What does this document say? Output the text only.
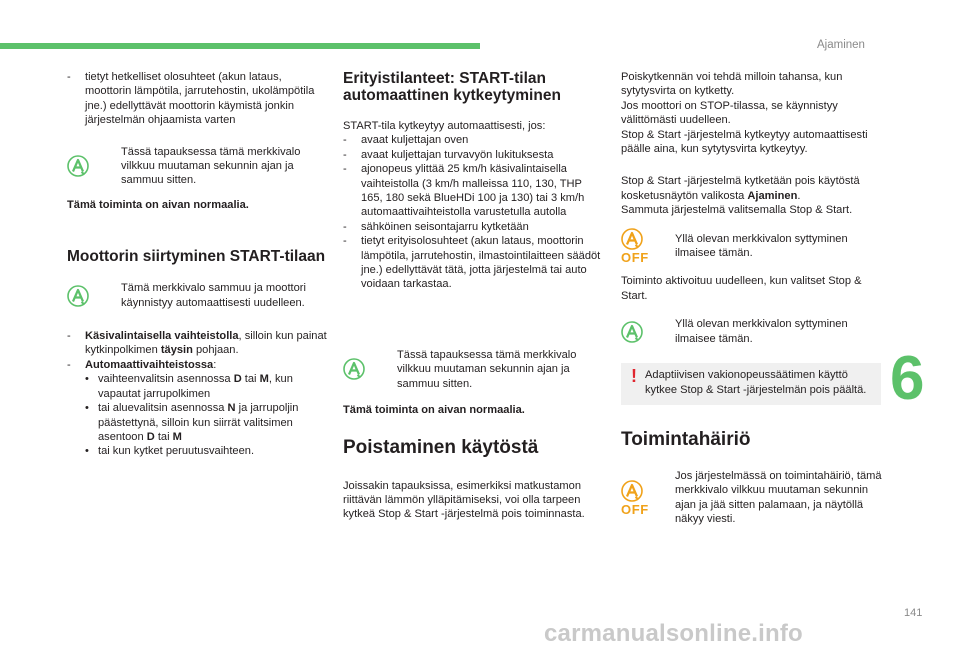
Ajaminen
6

- tietyt hetkelliset olosuhteet (akun lataus, moottorin lämpötila, jarrutehostin, ukolämpötila jne.) edellyttävät moottorin käymistä jonkin järjestelmän ohjaamista varten

Tässä tapauksessa tämä merkkivalo vilkkuu muutaman sekunnin ajan ja sammuu sitten.

Tämä toiminta on aivan normaalia.

Moottorin siirtyminen START-tilaan

Tämä merkkivalo sammuu ja moottori käynnistyy automaattisesti uudelleen.

- Käsivalintaisella vaihteistolla, silloin kun painat kytkinpolkimen täysin pohjaan.

- Automaattivaihteistossa:

• vaihteenvalitsin asennossa D tai M, kun vapautat jarrupolkimen

• tai aluevalitsin asennossa N ja jarrupoljin päästettynä, silloin kun siirrät valitsimen asentoon D tai M

• tai kun kytket peruutusvaihteen.

Erityistilanteet: START-tilan automaattinen kytkeytyminen

START-tila kytkeytyy automaattisesti, jos:

- avaat kuljettajan oven

- avaat kuljettajan turvavyön lukituksesta

- ajonopeus ylittää 25 km/h käsivalintaisella vaihteistolla (3 km/h malleissa 110, 130, THP 165, 180 sekä BlueHDi 100 ja 130) tai 3 km/h automaattivaihteistolla varustetulla autolla

- sähköinen seisontajarru kytketään

- tietyt erityisolosuhteet (akun lataus, moottorin lämpötila, jarrutehostin, ilmastointilaitteen säädöt jne.) edellyttävät tätä, jotta järjestelmä tai auto voidaan tarkastaa.

Tässä tapauksessa tämä merkkivalo vilkkuu muutaman sekunnin ajan ja sammuu sitten.

Tämä toiminta on aivan normaalia.

Poistaminen käytöstä

Joissakin tapauksissa, esimerkiksi matkustamon riittävän lämmön ylläpitämiseksi, voi olla tarpeen kytkeä Stop & Start -järjestelmä pois toiminnasta.

Poiskytkennän voi tehdä milloin tahansa, kun sytytysvirta on kytketty.

Jos moottori on STOP-tilassa, se käynnistyy välittömästi uudelleen.

Stop & Start -järjestelmä kytkeytyy automaattisesti päälle aina, kun sytytysvirta kytkeytyy.

Stop & Start -järjestelmä kytketään pois käytöstä kosketusnäytön valikosta Ajaminen.

Sammuta järjestelmä valitsemalla Stop & Start.

OFF

Yllä olevan merkkivalon syttyminen ilmaisee tämän.

Toiminto aktivoituu uudelleen, kun valitset Stop & Start.

Yllä olevan merkkivalon syttyminen ilmaisee tämän.

! Adaptiivisen vakionopeussäätimen käyttö kytkee Stop & Start -järjestelmän pois päältä.

Toimintahäiriö
OFF

Jos järjestelmässä on toimintahäiriö, tämä merkkivalo vilkkuu muutaman sekunnin ajan ja jää sitten palamaan, ja näytöllä näkyy viesti.

141
carmanualsonline.info
